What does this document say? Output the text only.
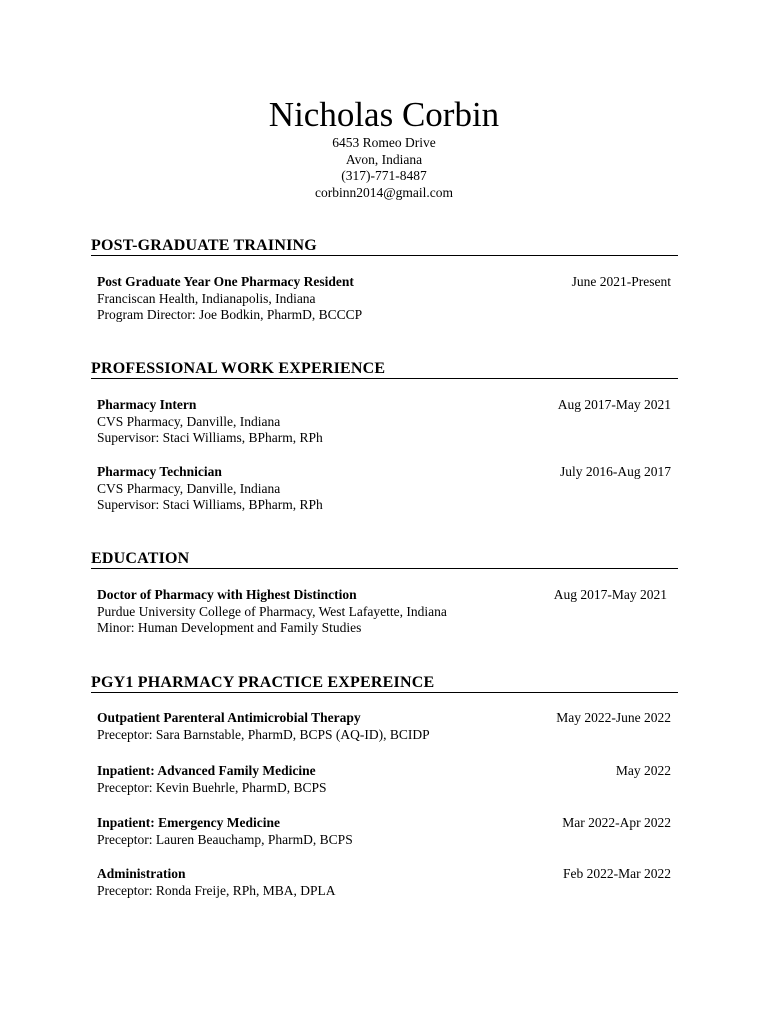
Nicholas Corbin
6453 Romeo Drive
Avon, Indiana
(317)-771-8487
corbinn2014@gmail.com
POST-GRADUATE TRAINING
Post Graduate Year One Pharmacy Resident	June 2021-Present
Franciscan Health, Indianapolis, Indiana
Program Director: Joe Bodkin, PharmD, BCCCP
PROFESSIONAL WORK EXPERIENCE
Pharmacy Intern	Aug 2017-May 2021
CVS Pharmacy, Danville, Indiana
Supervisor: Staci Williams, BPharm, RPh
Pharmacy Technician	July 2016-Aug 2017
CVS Pharmacy, Danville, Indiana
Supervisor: Staci Williams, BPharm, RPh
EDUCATION
Doctor of Pharmacy with Highest Distinction	Aug 2017-May 2021
Purdue University College of Pharmacy, West Lafayette, Indiana
Minor: Human Development and Family Studies
PGY1 PHARMACY PRACTICE EXPEREINCE
Outpatient Parenteral Antimicrobial Therapy	May 2022-June 2022
Preceptor: Sara Barnstable, PharmD, BCPS (AQ-ID), BCIDP
Inpatient: Advanced Family Medicine	May 2022
Preceptor: Kevin Buehrle, PharmD, BCPS
Inpatient: Emergency Medicine	Mar 2022-Apr 2022
Preceptor: Lauren Beauchamp, PharmD, BCPS
Administration	Feb 2022-Mar 2022
Preceptor: Ronda Freije, RPh, MBA, DPLA
